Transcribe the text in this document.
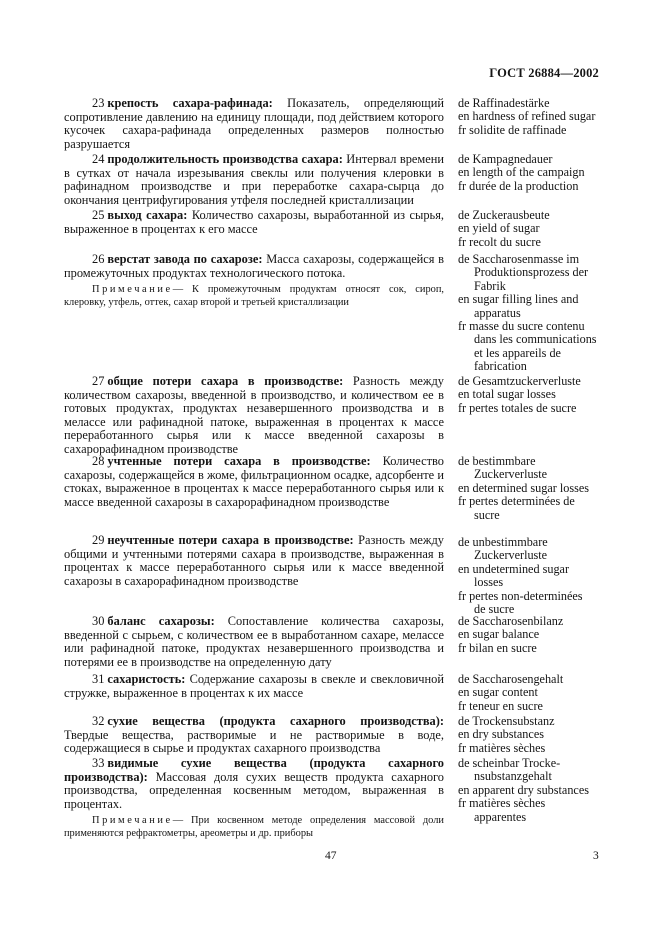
ГОСТ 26884—2002

23 крепость сахара-рафинада: Показатель, определяющий сопротивление давлению на единицу площади, под действием которого кусочек сахара-рафинада определенных размеров полностью разрушается

24 продолжительность производства сахара: Интервал времени в сутках от начала изрезывания свеклы или получения клеровки в рафинадном производстве и при переработке сахара-сырца до окончания центрифугирования утфеля последней кристаллизации

25 выход сахара: Количество сахарозы, выработанной из сырья, выраженное в процентах к его массе

26 верстат завода по сахарозе: Масса сахарозы, содержащейся в промежуточных продуктах технологического потока.

Примечание— К промежуточным продуктам относят сок, сироп, клеровку, утфель, оттек, сахар второй и третьей кристаллизации

27 общие потери сахара в производстве: Разность между количеством сахарозы, введенной в производство, и количеством ее в готовых продуктах, продуктах незавершенного производства и в мелассе или рафинадной патоке, выраженная в процентах к массе переработанного сырья или к массе введенной сахарозы в сахарорафинадном производстве

28 учтенные потери сахара в производстве: Количество сахарозы, содержащейся в жоме, фильтрационном осадке, адсорбенте и стоках, выраженное в процентах к массе переработанного сырья или к массе введенной сахарозы в сахарорафинадном производстве

29 неучтенные потери сахара в производстве: Разность между общими и учтенными потерями сахара в производстве, выраженная в процентах к массе переработанного сырья или к массе введенной сахарозы в сахарорафинадном производстве

30 баланс сахарозы: Сопоставление количества сахарозы, введенной с сырьем, с количеством ее в выработанном сахаре, мелассе или рафинадной патоке, продуктах незавершенного производства и потерями ее в производстве на определенную дату

31 сахаристость: Содержание сахарозы в свекле и свекловичной стружке, выраженное в процентах к их массе

32 сухие вещества (продукта сахарного производства): Твердые вещества, растворимые и не растворимые в воде, содержащиеся в сырье и продуктах сахарного производства

33 видимые сухие вещества (продукта сахарного производства): Массовая доля сухих веществ продукта сахарного производства, определенная косвенным методом, выраженная в процентах.

Примечание— При косвенном методе определения массовой доли применяются рефрактометры, ареометры и др. приборы

de Raffinadestärke
en hardness of refined sugar
fr solidite de raffinade
de Kampagnedauer
en length of the campaign
fr durée de la production
de Zuckerausbeute
en yield of sugar
fr recolt du sucre
de Saccharosenmasse im
Produktionsprozess der
Fabrik
en sugar filling lines and
apparatus
fr masse du sucre contenu
dans les communications
et les appareils de
fabrication
de Gesamtzuckerverluste
en total sugar losses
fr pertes totales de sucre
de bestimmbare
Zuckerverluste
en determined sugar losses
fr pertes determinées de
sucre
de unbestimmbare
Zuckerverluste
en undetermined sugar
losses
fr pertes non-determinées
de sucre
de Saccharosenbilanz
en sugar balance
fr bilan en sucre
de Saccharosengehalt
en sugar content
fr teneur en sucre
de Trockensubstanz
en dry substances
fr matières sèches
de scheinbar Trocke-
nsubstanzgehalt
en apparent dry substances
fr matières sèches
apparentes
47	3
